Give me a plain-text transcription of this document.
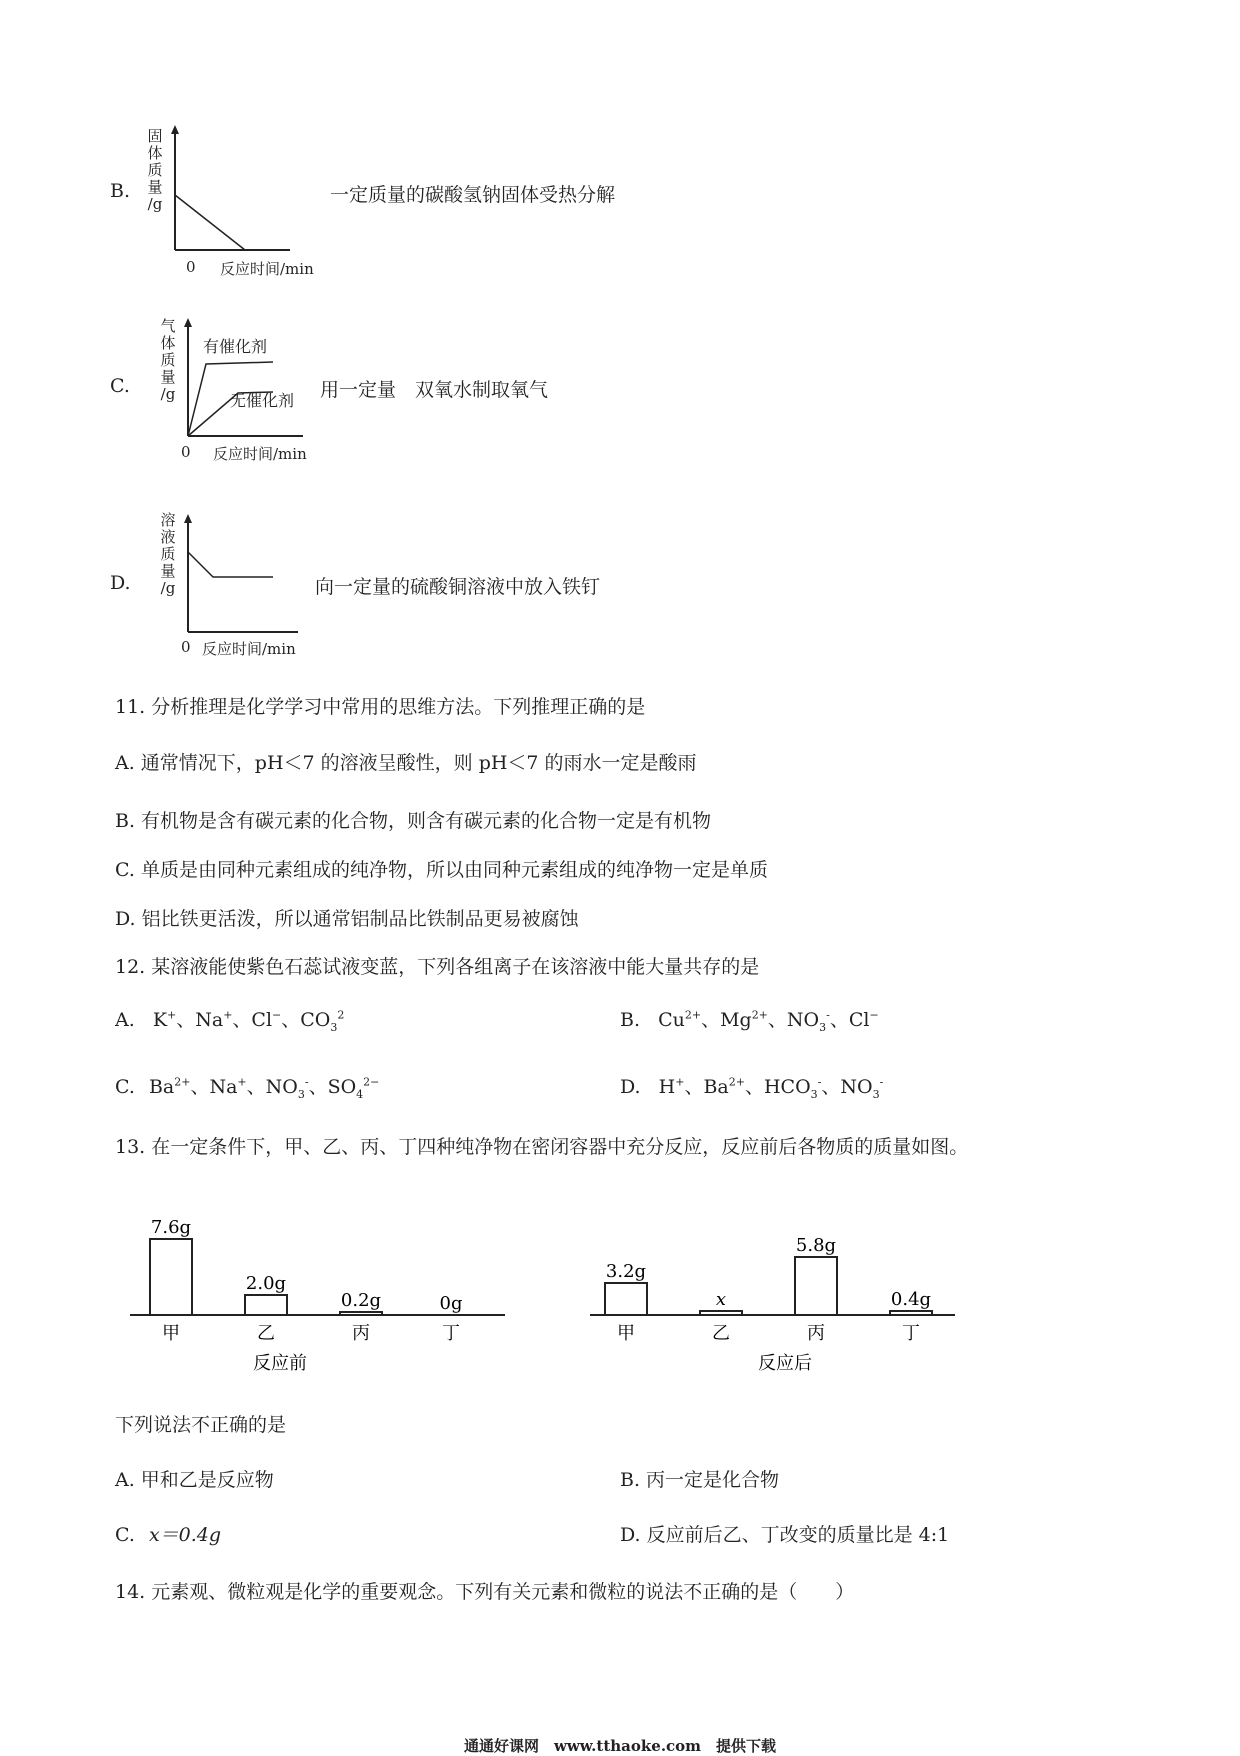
B.
固
体
质
量
/g
0 反应时间/min
一定质量的碳酸氢钠固体受热分解
C.
气
体
质
量
/g
有催化剂
无催化剂
0 反应时间/min
用一定量　双氧水制取氧气
D.
溶
液
质
量
/g
0 反应时间/min
向一定量的硫酸铜溶液中放入铁钉
11. 分析推理是化学学习中常用的思维方法。下列推理正确的是
A. 通常情况下，pH＜7 的溶液呈酸性，则 pH＜7 的雨水一定是酸雨
B. 有机物是含有碳元素的化合物，则含有碳元素的化合物一定是有机物
C. 单质是由同种元素组成的纯净物，所以由同种元素组成的纯净物一定是单质
D. 铝比铁更活泼，所以通常铝制品比铁制品更易被腐蚀
12. 某溶液能使紫色石蕊试液变蓝，下列各组离子在该溶液中能大量共存的是
A. K+、Na+、Cl−、$CO_3^2$	B. $Cu^{2+}$、$Mg^{2+}$、$NO_3^-$、Cl−
C. $Ba^{2+}$、Na+、$NO_3^-$、$SO_4^{2-}$	D. H+、$Ba^{2+}$、$HCO_3^-$、$NO_3^-$
13. 在一定条件下，甲、乙、丙、丁四种纯净物在密闭容器中充分反应，反应前后各物质的质量如图。
7.6g
甲
2.0g
乙
0.2g
丙
0g
丁
反应前
3.2g
甲
x
乙
5.8g
丙
0.4g
丁
反应后
下列说法不正确的是
A. 甲和乙是反应物	B. 丙一定是化合物
C. x＝0.4g	D. 反应前后乙、丁改变的质量比是 4:1
14. 元素观、微粒观是化学的重要观念。下列有关元素和微粒的说法不正确的是（　　）
通通好课网　www.tthaoke.com　提供下载
